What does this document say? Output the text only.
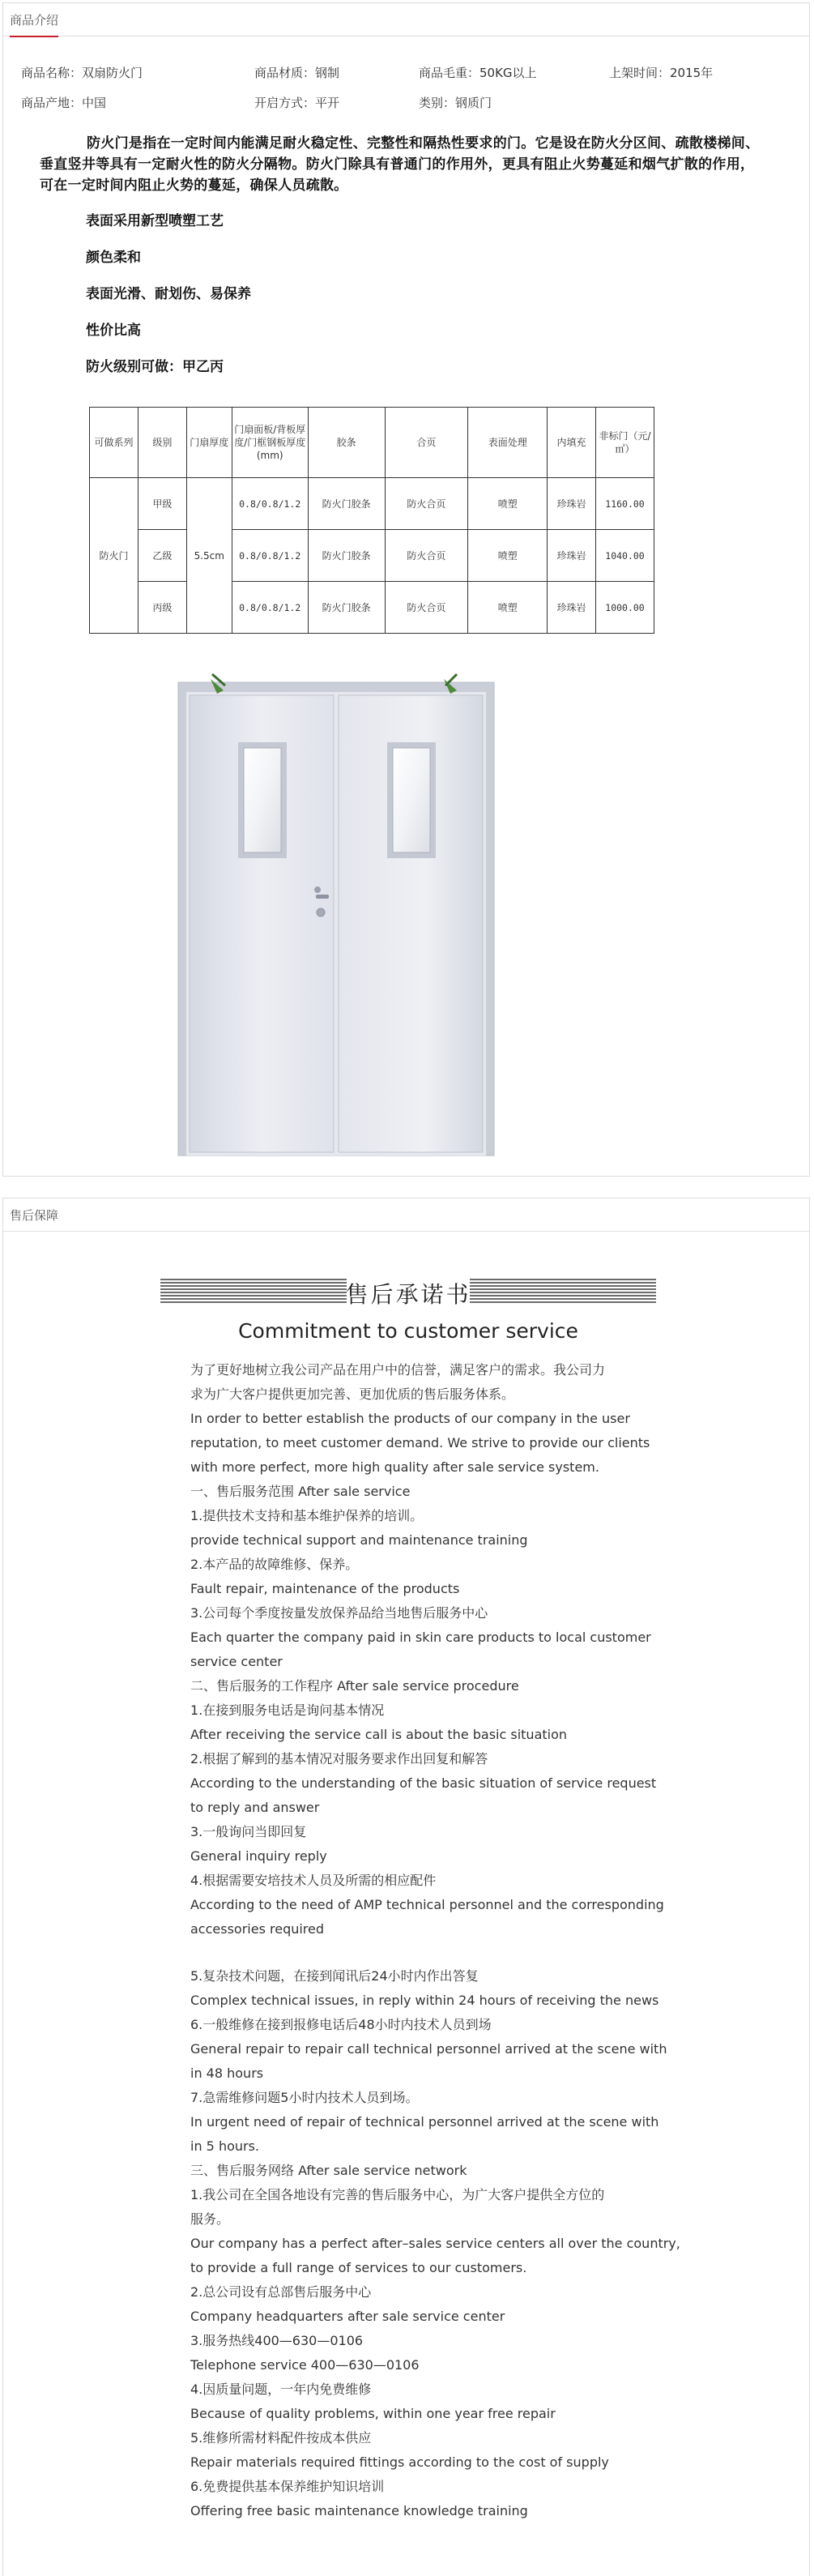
商品介绍
商品名称：双扇防火门	商品材质：钢制	商品毛重：50KG以上	上架时间：2015年
商品产地：中国	开启方式：平开	类别：钢质门
防火门是指在一定时间内能满足耐火稳定性、完整性和隔热性要求的门。它是设在防火分区间、疏散楼梯间、垂直竖井等具有一定耐火性的防火分隔物。防火门除具有普通门的作用外，更具有阻止火势蔓延和烟气扩散的作用，可在一定时间内阻止火势的蔓延，确保人员疏散。
表面采用新型喷塑工艺
颜色柔和
表面光滑、耐划伤、易保养
性价比高
防火级别可做：甲乙丙
可做系列	级别	门扇厚度	门扇面板/背板厚度/门框钢板厚度(mm)	胶条	合页	表面处理	内填充	非标门（元/㎡）
防火门	甲级	5.5cm	0.8/0.8/1.2	防火门胶条	防火合页	喷塑	珍珠岩	1160.00
	乙级		0.8/0.8/1.2	防火门胶条	防火合页	喷塑	珍珠岩	1040.00
	丙级		0.8/0.8/1.2	防火门胶条	防火合页	喷塑	珍珠岩	1000.00
售后保障
售后承诺书
Commitment to customer service
为了更好地树立我公司产品在用户中的信誉，满足客户的需求。我公司力
求为广大客户提供更加完善、更加优质的售后服务体系。
In order to better establish the products of our company in the user
reputation, to meet customer demand. We strive to provide our clients
with more perfect, more high quality after sale service system.
一、售后服务范围 After sale service
1.提供技术支持和基本维护保养的培训。
provide technical support and maintenance training
2.本产品的故障维修、保养。
Fault repair, maintenance of the products
3.公司每个季度按量发放保养品给当地售后服务中心
Each quarter the company paid in skin care products to local customer
service center
二、售后服务的工作程序 After sale service procedure
1.在接到服务电话是询问基本情况
After receiving the service call is about the basic situation
2.根据了解到的基本情况对服务要求作出回复和解答
According to the understanding of the basic situation of service request
to reply and answer
3.一般询问当即回复
General inquiry reply
4.根据需要安培技术人员及所需的相应配件
According to the need of AMP technical personnel and the corresponding
accessories required
5.复杂技术问题，在接到闻讯后24小时内作出答复
Complex technical issues, in reply within 24 hours of receiving the news
6.一般维修在接到报修电话后48小时内技术人员到场
General repair to repair call technical personnel arrived at the scene with
in 48 hours
7.急需维修问题5小时内技术人员到场。
In urgent need of repair of technical personnel arrived at the scene with
in 5 hours.
三、售后服务网络 After sale service network
1.我公司在全国各地设有完善的售后服务中心，为广大客户提供全方位的
服务。
Our company has a perfect after–sales service centers all over the country,
to provide a full range of services to our customers.
2.总公司设有总部售后服务中心
Company headquarters after sale service center
3.服务热线400—630—0106
Telephone service 400—630—0106
4.因质量问题，一年内免费维修
Because of quality problems, within one year free repair
5.维修所需材料配件按成本供应
Repair materials required fittings according to the cost of supply
6.免费提供基本保养维护知识培训
Offering free basic maintenance knowledge training
